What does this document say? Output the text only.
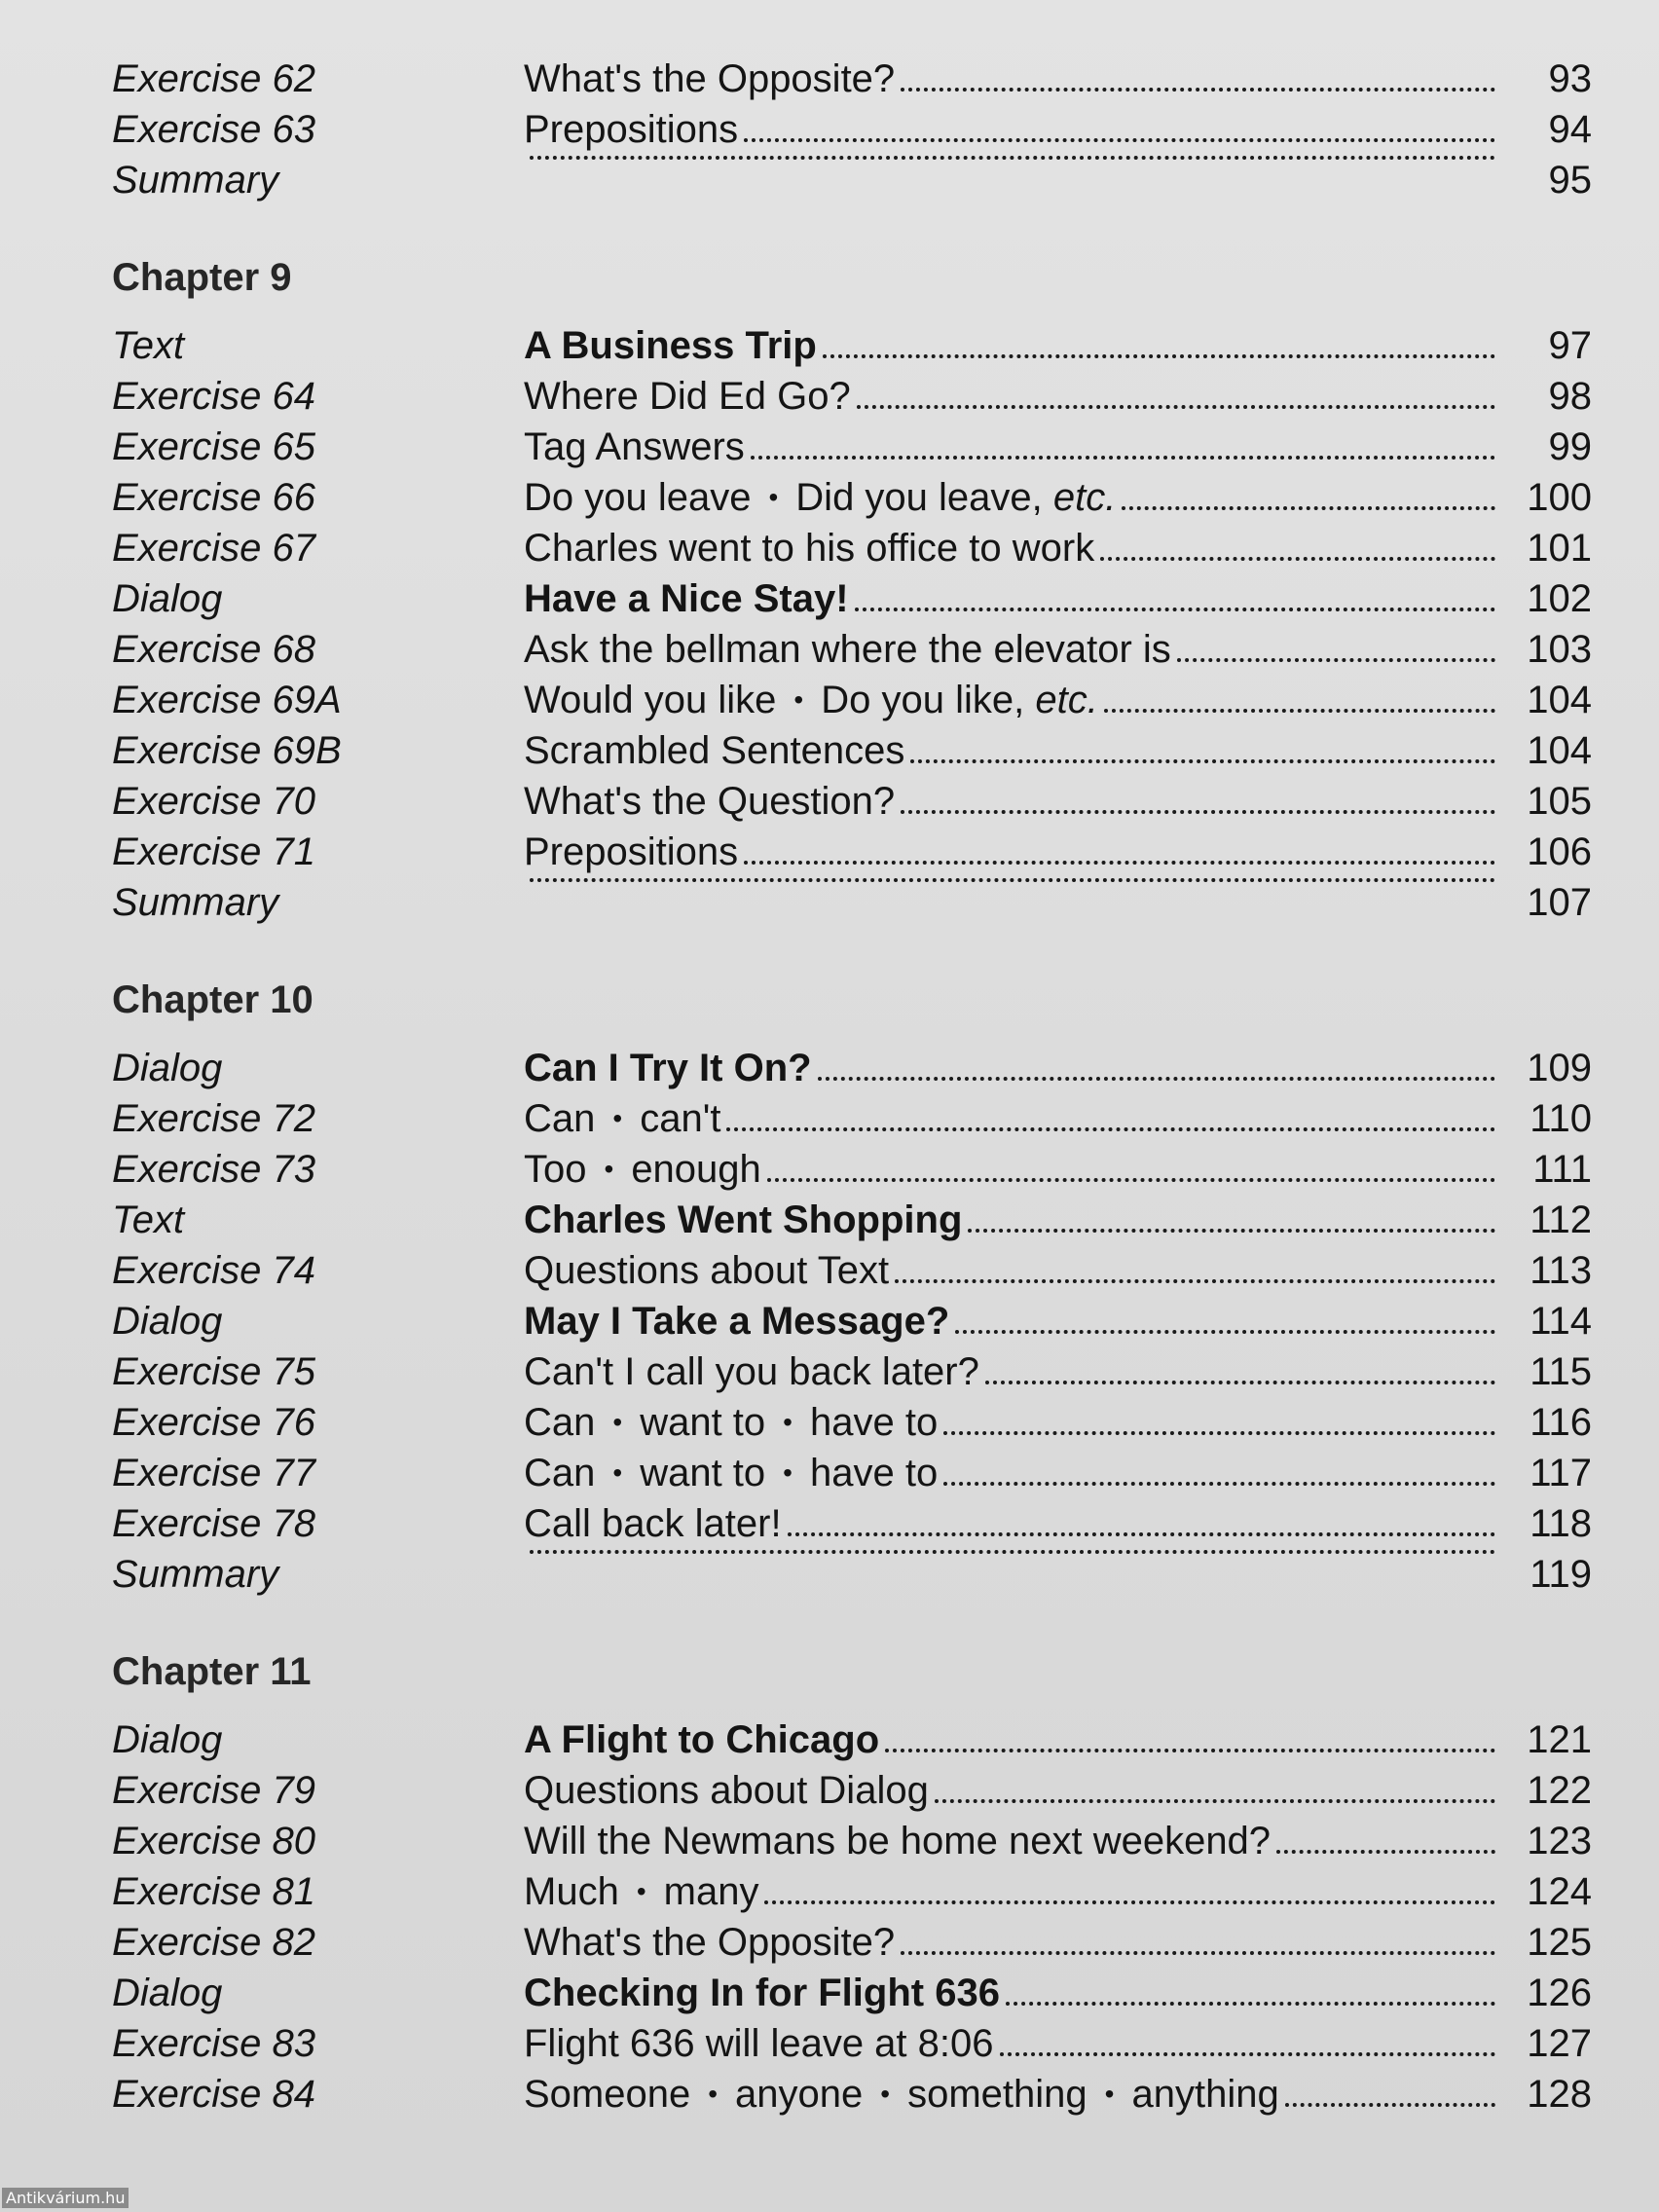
Exercise 62	What's the Opposite?	93
Exercise 63	Prepositions	94
Summary	95
Chapter 9
Text	A Business Trip	97
Exercise 64	Where Did Ed Go?	98
Exercise 65	Tag Answers	99
Exercise 66	Do you leave • Did you leave, etc.	100
Exercise 67	Charles went to his office to work	101
Dialog	Have a Nice Stay!	102
Exercise 68	Ask the bellman where the elevator is	103
Exercise 69A	Would you like • Do you like, etc.	104
Exercise 69B	Scrambled Sentences	104
Exercise 70	What's the Question?	105
Exercise 71	Prepositions	106
Summary	107
Chapter 10
Dialog	Can I Try It On?	109
Exercise 72	Can • can't	110
Exercise 73	Too • enough	111
Text	Charles Went Shopping	112
Exercise 74	Questions about Text	113
Dialog	May I Take a Message?	114
Exercise 75	Can't I call you back later?	115
Exercise 76	Can • want to • have to	116
Exercise 77	Can • want to • have to	117
Exercise 78	Call back later!	118
Summary	119
Chapter 11
Dialog	A Flight to Chicago	121
Exercise 79	Questions about Dialog	122
Exercise 80	Will the Newmans be home next weekend?	123
Exercise 81	Much • many	124
Exercise 82	What's the Opposite?	125
Dialog	Checking In for Flight 636	126
Exercise 83	Flight 636 will leave at 8:06	127
Exercise 84	Someone • anyone • something • anything	128
Antikvárium.hu
